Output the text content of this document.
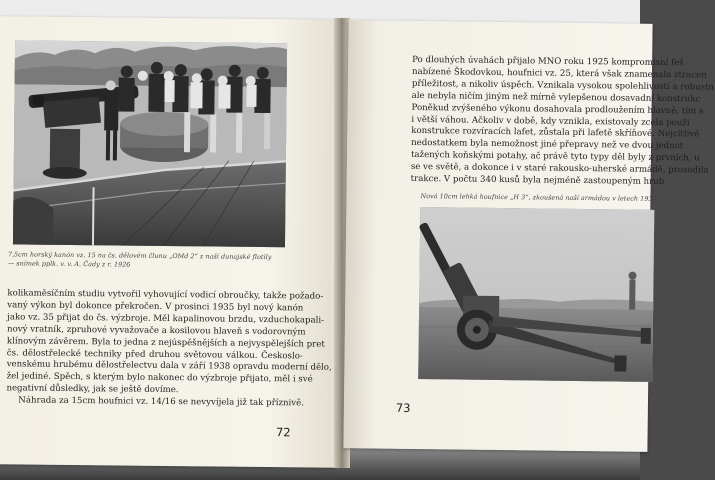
7,5cm horský kanón vz. 15 na čs. dělovém člunu „OMd 2“ z naší dunajské flotily
— snímek pplk. v. v. A. Čady z r. 1926
kolikaměsíčním studiu vytvořil vyhovující vodicí obroučky, takže požado-
vaný výkon byl dokonce překročen. V prosinci 1935 byl nový kanón
jako vz. 35 přijat do čs. výzbroje. Měl kapalinovou brzdu, vzduchokapali-
nový vratník, zpruhové vyvažovače a kosilovou hlaveň s vodorovným
klínovým závěrem. Byla to jedna z nejúspěšnějších a nejvyspělejších pret
čs. dělostřelecké techniky před druhou světovou válkou. Českoslo-
venskému hrubému dělostřelectvu dala v září 1938 opravdu moderní dělo,
žel jediné. Spěch, s kterým bylo nakonec do výzbroje přijato, měl i své
negativní důsledky, jak se ještě dovíme.
Náhrada za 15cm houfnici vz. 14/16 se nevyvíjela již tak příznivě.
72
Po dlouhých úvahách přijalo MNO roku 1925 kompromisní feš
nabízené Škodovkou, houfnici vz. 25, která však znamenala ztracen
příležitost, a nikoliv úspěch. Vznikala vysokou spolehlivostí a robustn
ale nebyla ničím jiným než mírně vylepšenou dosavadní konstrukc
Poněkud zvýšeného výkonu dosahovala prodloužením hlavně, tím s
i větší váhou. Ačkoliv v době, kdy vznikla, existovaly zcela použi
konstrukce rozvíracích lafet, zůstala při lafetě skříňové. Nejcitlivě
nedostatkem byla nemožnost jiné přepravy než ve dvou jednot
tažených koňskými potahy, ač právě tyto typy děl byly z prvních, u
se ve světě, a dokonce i v staré rakousko-uherské armádě, prosadila
trakce. V počtu 340 kusů byla nejméně zastoupeným hrub
Nová 10cm lehká houfnice „H 3“, zkoušená naší armádou v letech 1938
73
